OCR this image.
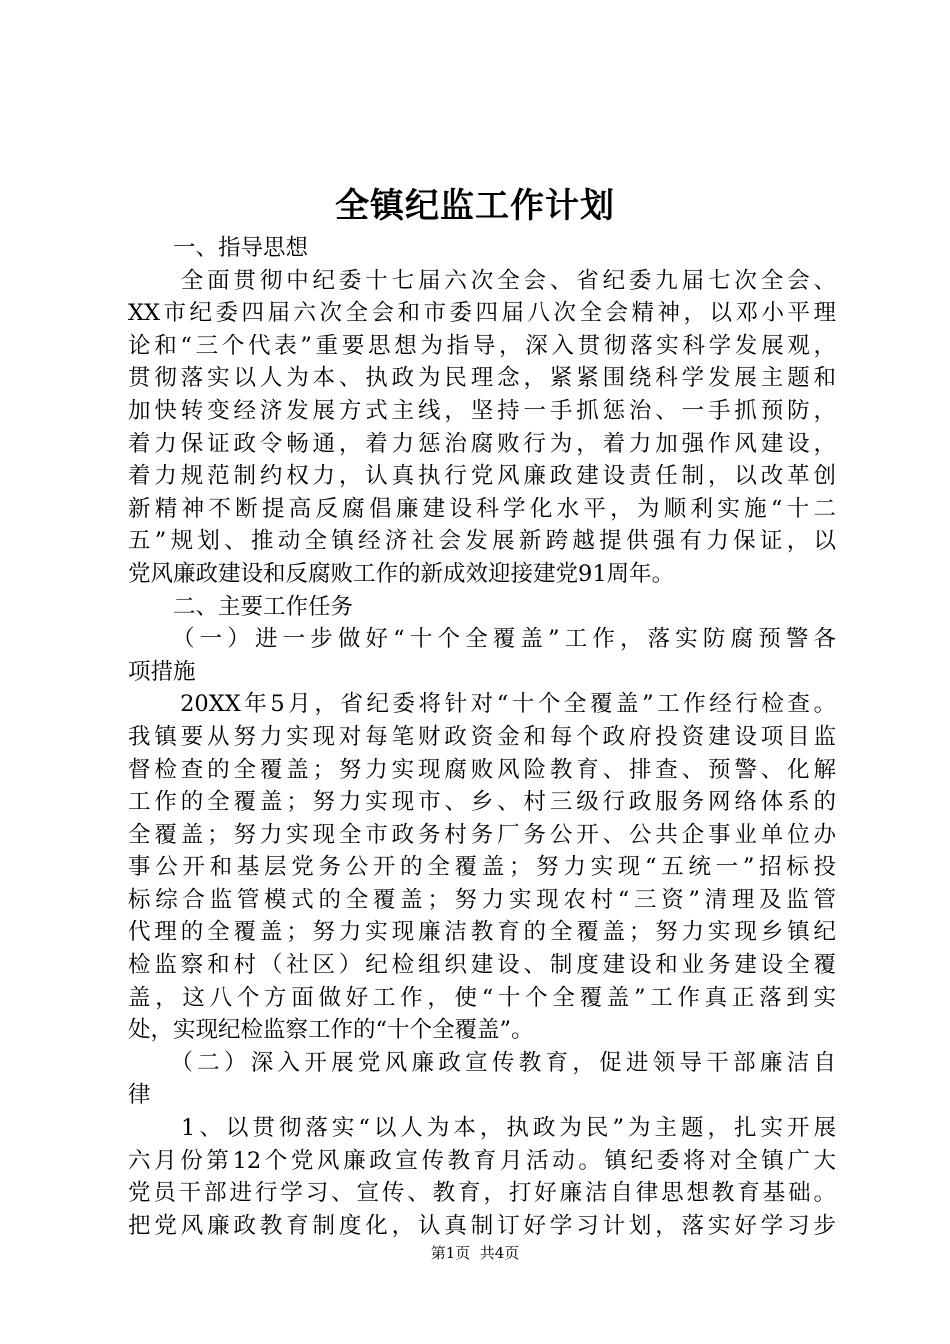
全镇纪监工作计划
　　一、指导思想
　　全面贯彻中纪委十七届六次全会、省纪委九届七次全会、
XX市纪委四届六次全会和市委四届八次全会精神，以邓小平理
论和“三个代表”重要思想为指导，深入贯彻落实科学发展观，
贯彻落实以人为本、执政为民理念，紧紧围绕科学发展主题和
加快转变经济发展方式主线，坚持一手抓惩治、一手抓预防，
着力保证政令畅通，着力惩治腐败行为，着力加强作风建设，
着力规范制约权力，认真执行党风廉政建设责任制，以改革创
新精神不断提高反腐倡廉建设科学化水平，为顺利实施“十二
五”规划、推动全镇经济社会发展新跨越提供强有力保证，以
党风廉政建设和反腐败工作的新成效迎接建党91周年。
　　二、主要工作任务
　　（一）进一步做好“十个全覆盖”工作，落实防腐预警各
项措施
　　20XX年5月，省纪委将针对“十个全覆盖”工作经行检查。
我镇要从努力实现对每笔财政资金和每个政府投资建设项目监
督检查的全覆盖；努力实现腐败风险教育、排查、预警、化解
工作的全覆盖；努力实现市、乡、村三级行政服务网络体系的
全覆盖；努力实现全市政务村务厂务公开、公共企事业单位办
事公开和基层党务公开的全覆盖；努力实现“五统一”招标投
标综合监管模式的全覆盖；努力实现农村“三资”清理及监管
代理的全覆盖；努力实现廉洁教育的全覆盖；努力实现乡镇纪
检监察和村（社区）纪检组织建设、制度建设和业务建设全覆
盖，这八个方面做好工作，使“十个全覆盖”工作真正落到实
处，实现纪检监察工作的“十个全覆盖”。
　　（二）深入开展党风廉政宣传教育，促进领导干部廉洁自
律
　　1、以贯彻落实“以人为本，执政为民”为主题，扎实开展
六月份第12个党风廉政宣传教育月活动。镇纪委将对全镇广大
党员干部进行学习、宣传、教育，打好廉洁自律思想教育基础。
把党风廉政教育制度化，认真制订好学习计划，落实好学习步
第1页  共4页
